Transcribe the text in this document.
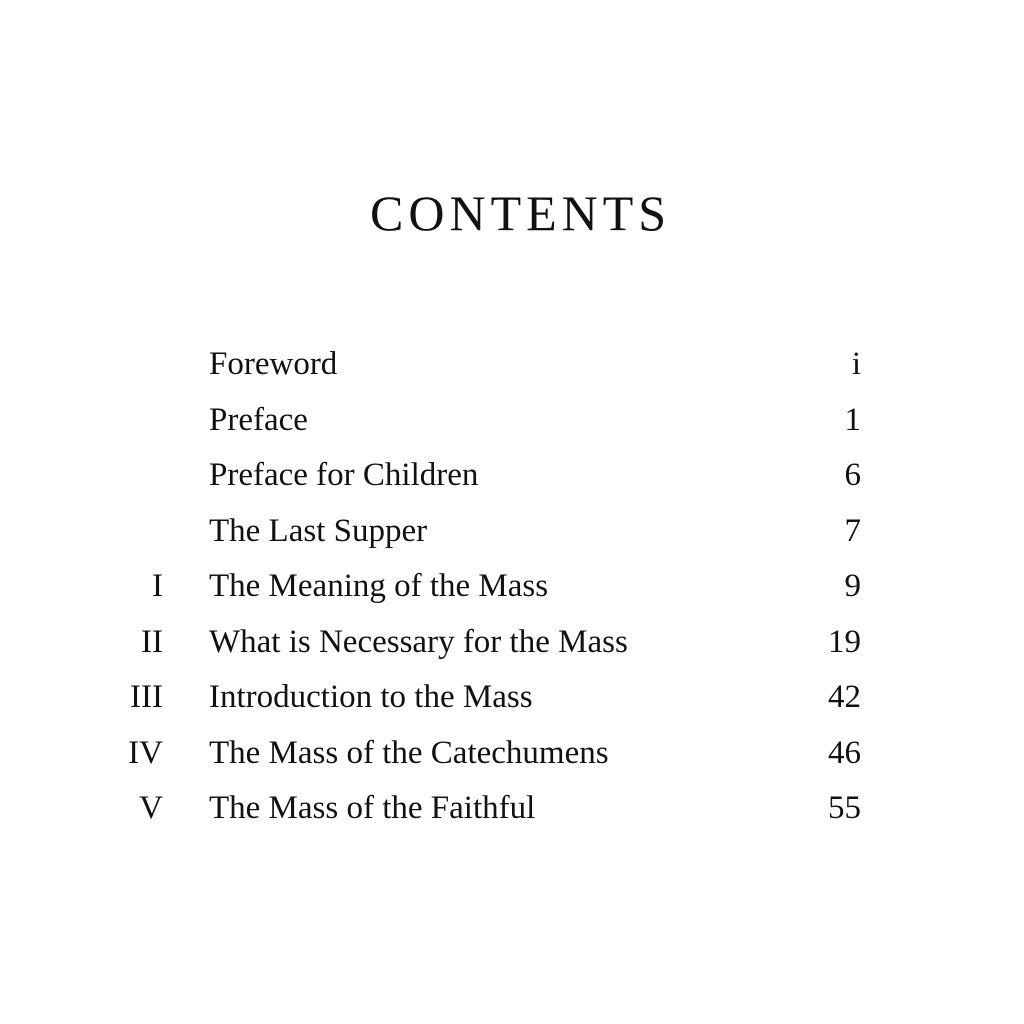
CONTENTS
Foreword	i
Preface	1
Preface for Children	6
The Last Supper	7
I The Meaning of the Mass	9
II What is Necessary for the Mass	19
III Introduction to the Mass	42
IV The Mass of the Catechumens	46
V The Mass of the Faithful	55
